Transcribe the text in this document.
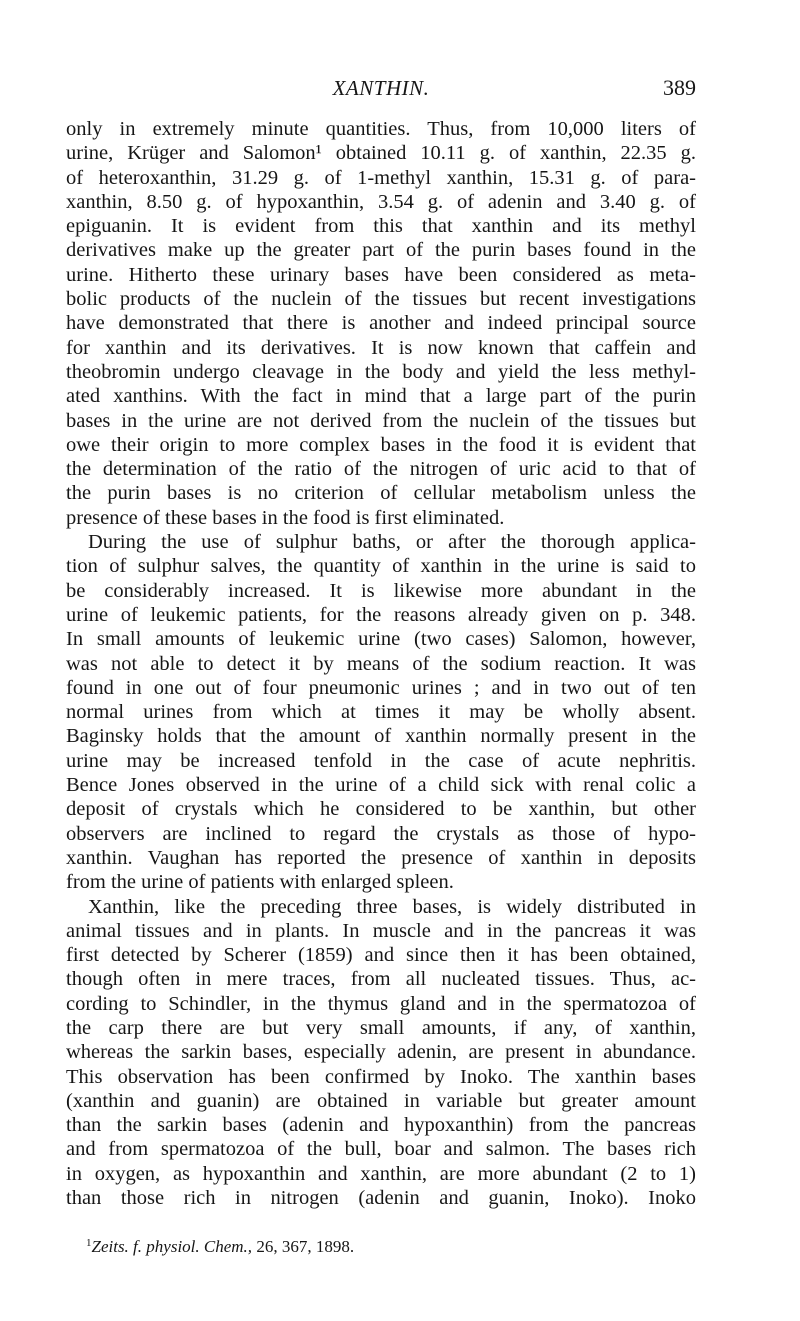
XANTHIN.	389
only in extremely minute quantities. Thus, from 10,000 liters of
urine, Krüger and Salomon¹ obtained 10.11 g. of xanthin, 22.35 g.
of heteroxanthin, 31.29 g. of 1-methyl xanthin, 15.31 g. of para-
xanthin, 8.50 g. of hypoxanthin, 3.54 g. of adenin and 3.40 g. of
epiguanin. It is evident from this that xanthin and its methyl
derivatives make up the greater part of the purin bases found in the
urine. Hitherto these urinary bases have been considered as meta-
bolic products of the nuclein of the tissues but recent investigations
have demonstrated that there is another and indeed principal source
for xanthin and its derivatives. It is now known that caffein and
theobromin undergo cleavage in the body and yield the less methyl-
ated xanthins. With the fact in mind that a large part of the purin
bases in the urine are not derived from the nuclein of the tissues but
owe their origin to more complex bases in the food it is evident that
the determination of the ratio of the nitrogen of uric acid to that of
the purin bases is no criterion of cellular metabolism unless the
presence of these bases in the food is first eliminated.
During the use of sulphur baths, or after the thorough applica-
tion of sulphur salves, the quantity of xanthin in the urine is said to
be considerably increased. It is likewise more abundant in the
urine of leukemic patients, for the reasons already given on p. 348.
In small amounts of leukemic urine (two cases) Salomon, however,
was not able to detect it by means of the sodium reaction. It was
found in one out of four pneumonic urines ; and in two out of ten
normal urines from which at times it may be wholly absent.
Baginsky holds that the amount of xanthin normally present in the
urine may be increased tenfold in the case of acute nephritis.
Bence Jones observed in the urine of a child sick with renal colic a
deposit of crystals which he considered to be xanthin, but other
observers are inclined to regard the crystals as those of hypo-
xanthin. Vaughan has reported the presence of xanthin in deposits
from the urine of patients with enlarged spleen.
Xanthin, like the preceding three bases, is widely distributed in
animal tissues and in plants. In muscle and in the pancreas it was
first detected by Scherer (1859) and since then it has been obtained,
though often in mere traces, from all nucleated tissues. Thus, ac-
cording to Schindler, in the thymus gland and in the spermatozoa of
the carp there are but very small amounts, if any, of xanthin,
whereas the sarkin bases, especially adenin, are present in abundance.
This observation has been confirmed by Inoko. The xanthin bases
(xanthin and guanin) are obtained in variable but greater amount
than the sarkin bases (adenin and hypoxanthin) from the pancreas
and from spermatozoa of the bull, boar and salmon. The bases rich
in oxygen, as hypoxanthin and xanthin, are more abundant (2 to 1)
than those rich in nitrogen (adenin and guanin, Inoko). Inoko
$^1$Zeits. f. physiol. Chem., 26, 367, 1898.
